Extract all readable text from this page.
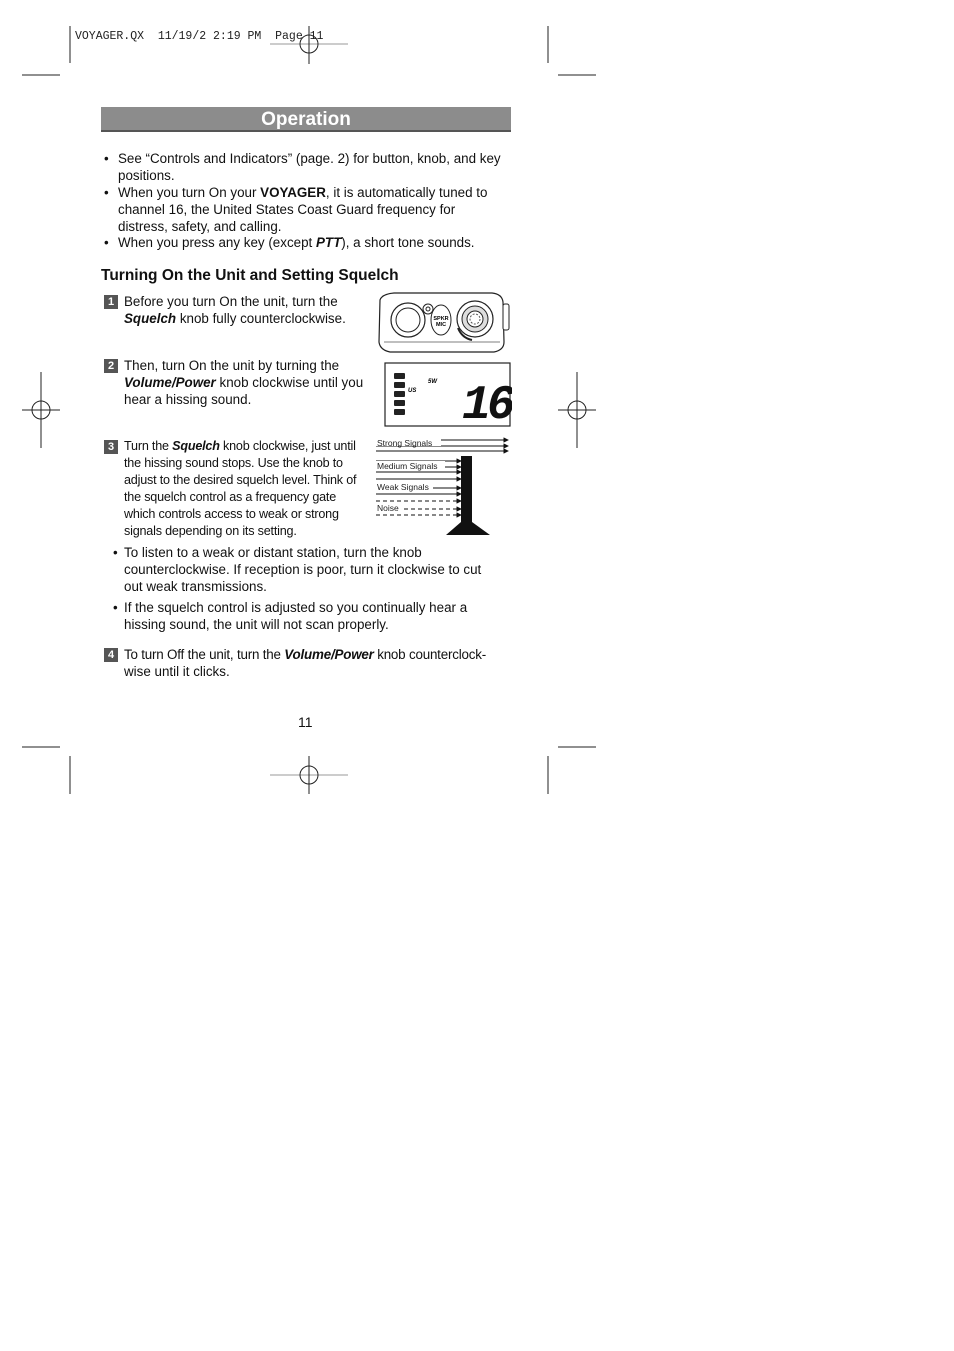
VOYAGER.QX  11/19/2 2:19 PM  Page 11
Operation
• See “Controls and Indicators” (page. 2) for button, knob, and key
positions.
• When you turn On your VOYAGER, it is automatically tuned to
channel 16, the United States Coast Guard frequency for
distress, safety, and calling.
• When you press any key (except PTT), a short tone sounds.
Turning On the Unit and Setting Squelch
1 Before you turn On the unit, turn the
Squelch knob fully counterclockwise.
2 Then, turn On the unit by turning the
Volume/Power knob clockwise until you
hear a hissing sound.
3 Turn the Squelch knob clockwise, just until
the hissing sound stops. Use the knob to
adjust to the desired squelch level. Think of
the squelch control as a frequency gate
which controls access to weak or strong
signals depending on its setting.
• To listen to a weak or distant station, turn the knob
counterclockwise. If reception is poor, turn it clockwise to cut
out weak transmissions.
• If the squelch control is adjusted so you continually hear a
hissing sound, the unit will not scan properly.
4 To turn Off the unit, turn the Volume/Power knob counterclock-
wise until it clicks.
11
SPKR
MIC
US
5W 16
Strong Signals
Medium Signals
Weak Signals
Noise
